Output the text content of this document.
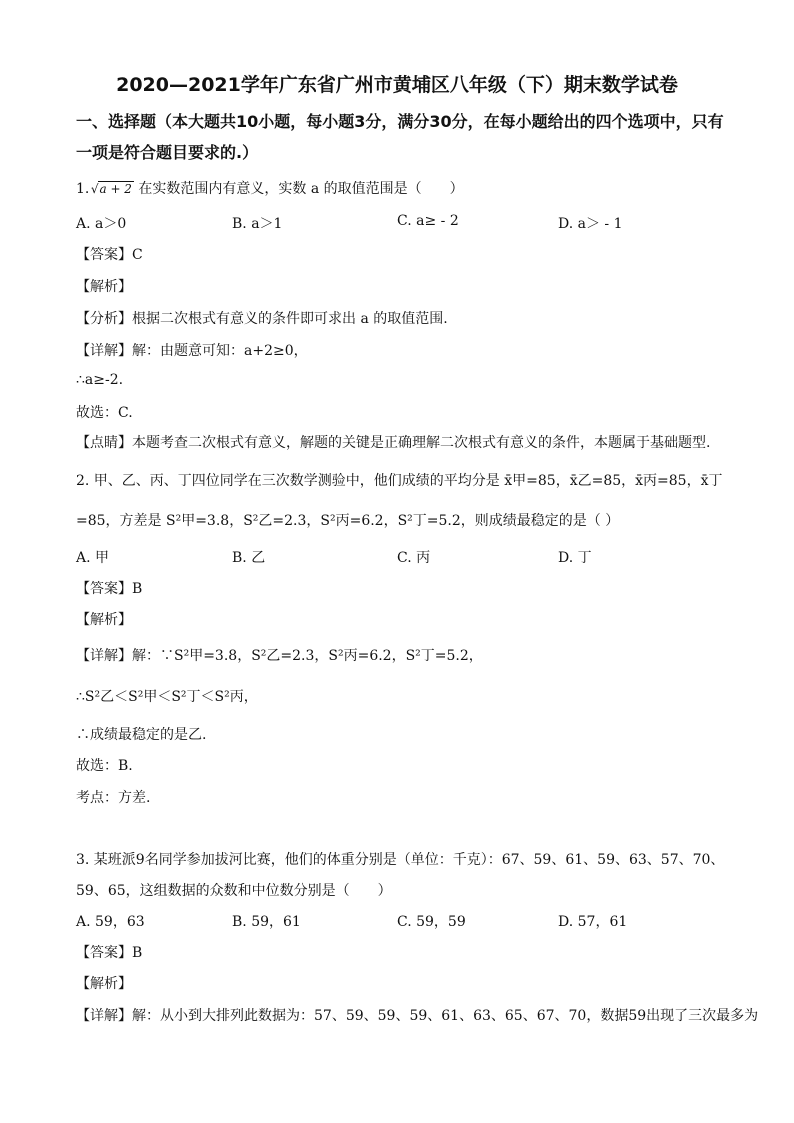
2020—2021学年广东省广州市黄埔区八年级（下）期末数学试卷
一、选择题（本大题共10小题，每小题3分，满分30分，在每小题给出的四个选项中，只有一项是符合题目要求的.）
1. √ a + 2 在实数范围内有意义，实数 a 的取值范围是（　　）
A. a＞0	B. a＞1	C. a≥ - 2	D. a＞ - 1
【答案】C
【解析】
【分析】根据二次根式有意义的条件即可求出 a 的取值范围.
【详解】解：由题意可知：a+2≥0，
∴a≥-2.
故选：C.
【点睛】本题考查二次根式有意义，解题的关键是正确理解二次根式有意义的条件，本题属于基础题型.
2. 甲、乙、丙、丁四位同学在三次数学测验中，他们成绩的平均分是 x̄甲=85，x̄乙=85，x̄丙=85，x̄丁
=85，方差是 S²甲=3.8，S²乙=2.3，S²丙=6.2，S²丁=5.2，则成绩最稳定的是（ ）
A. 甲	B. 乙	C. 丙	D. 丁
【答案】B
【解析】
【详解】解：∵S²甲=3.8，S²乙=2.3，S²丙=6.2，S²丁=5.2，
∴S²乙＜S²甲＜S²丁＜S²丙，
∴成绩最稳定的是乙.
故选：B.
考点：方差.
3. 某班派9名同学参加拔河比赛，他们的体重分别是（单位：千克）：67、59、61、59、63、57、70、
59、65，这组数据的众数和中位数分别是（　　）
A. 59，63	B. 59，61	C. 59，59	D. 57，61
【答案】B
【解析】
【详解】解：从小到大排列此数据为：57、59、59、59、61、63、65、67、70，数据59出现了三次最多为
